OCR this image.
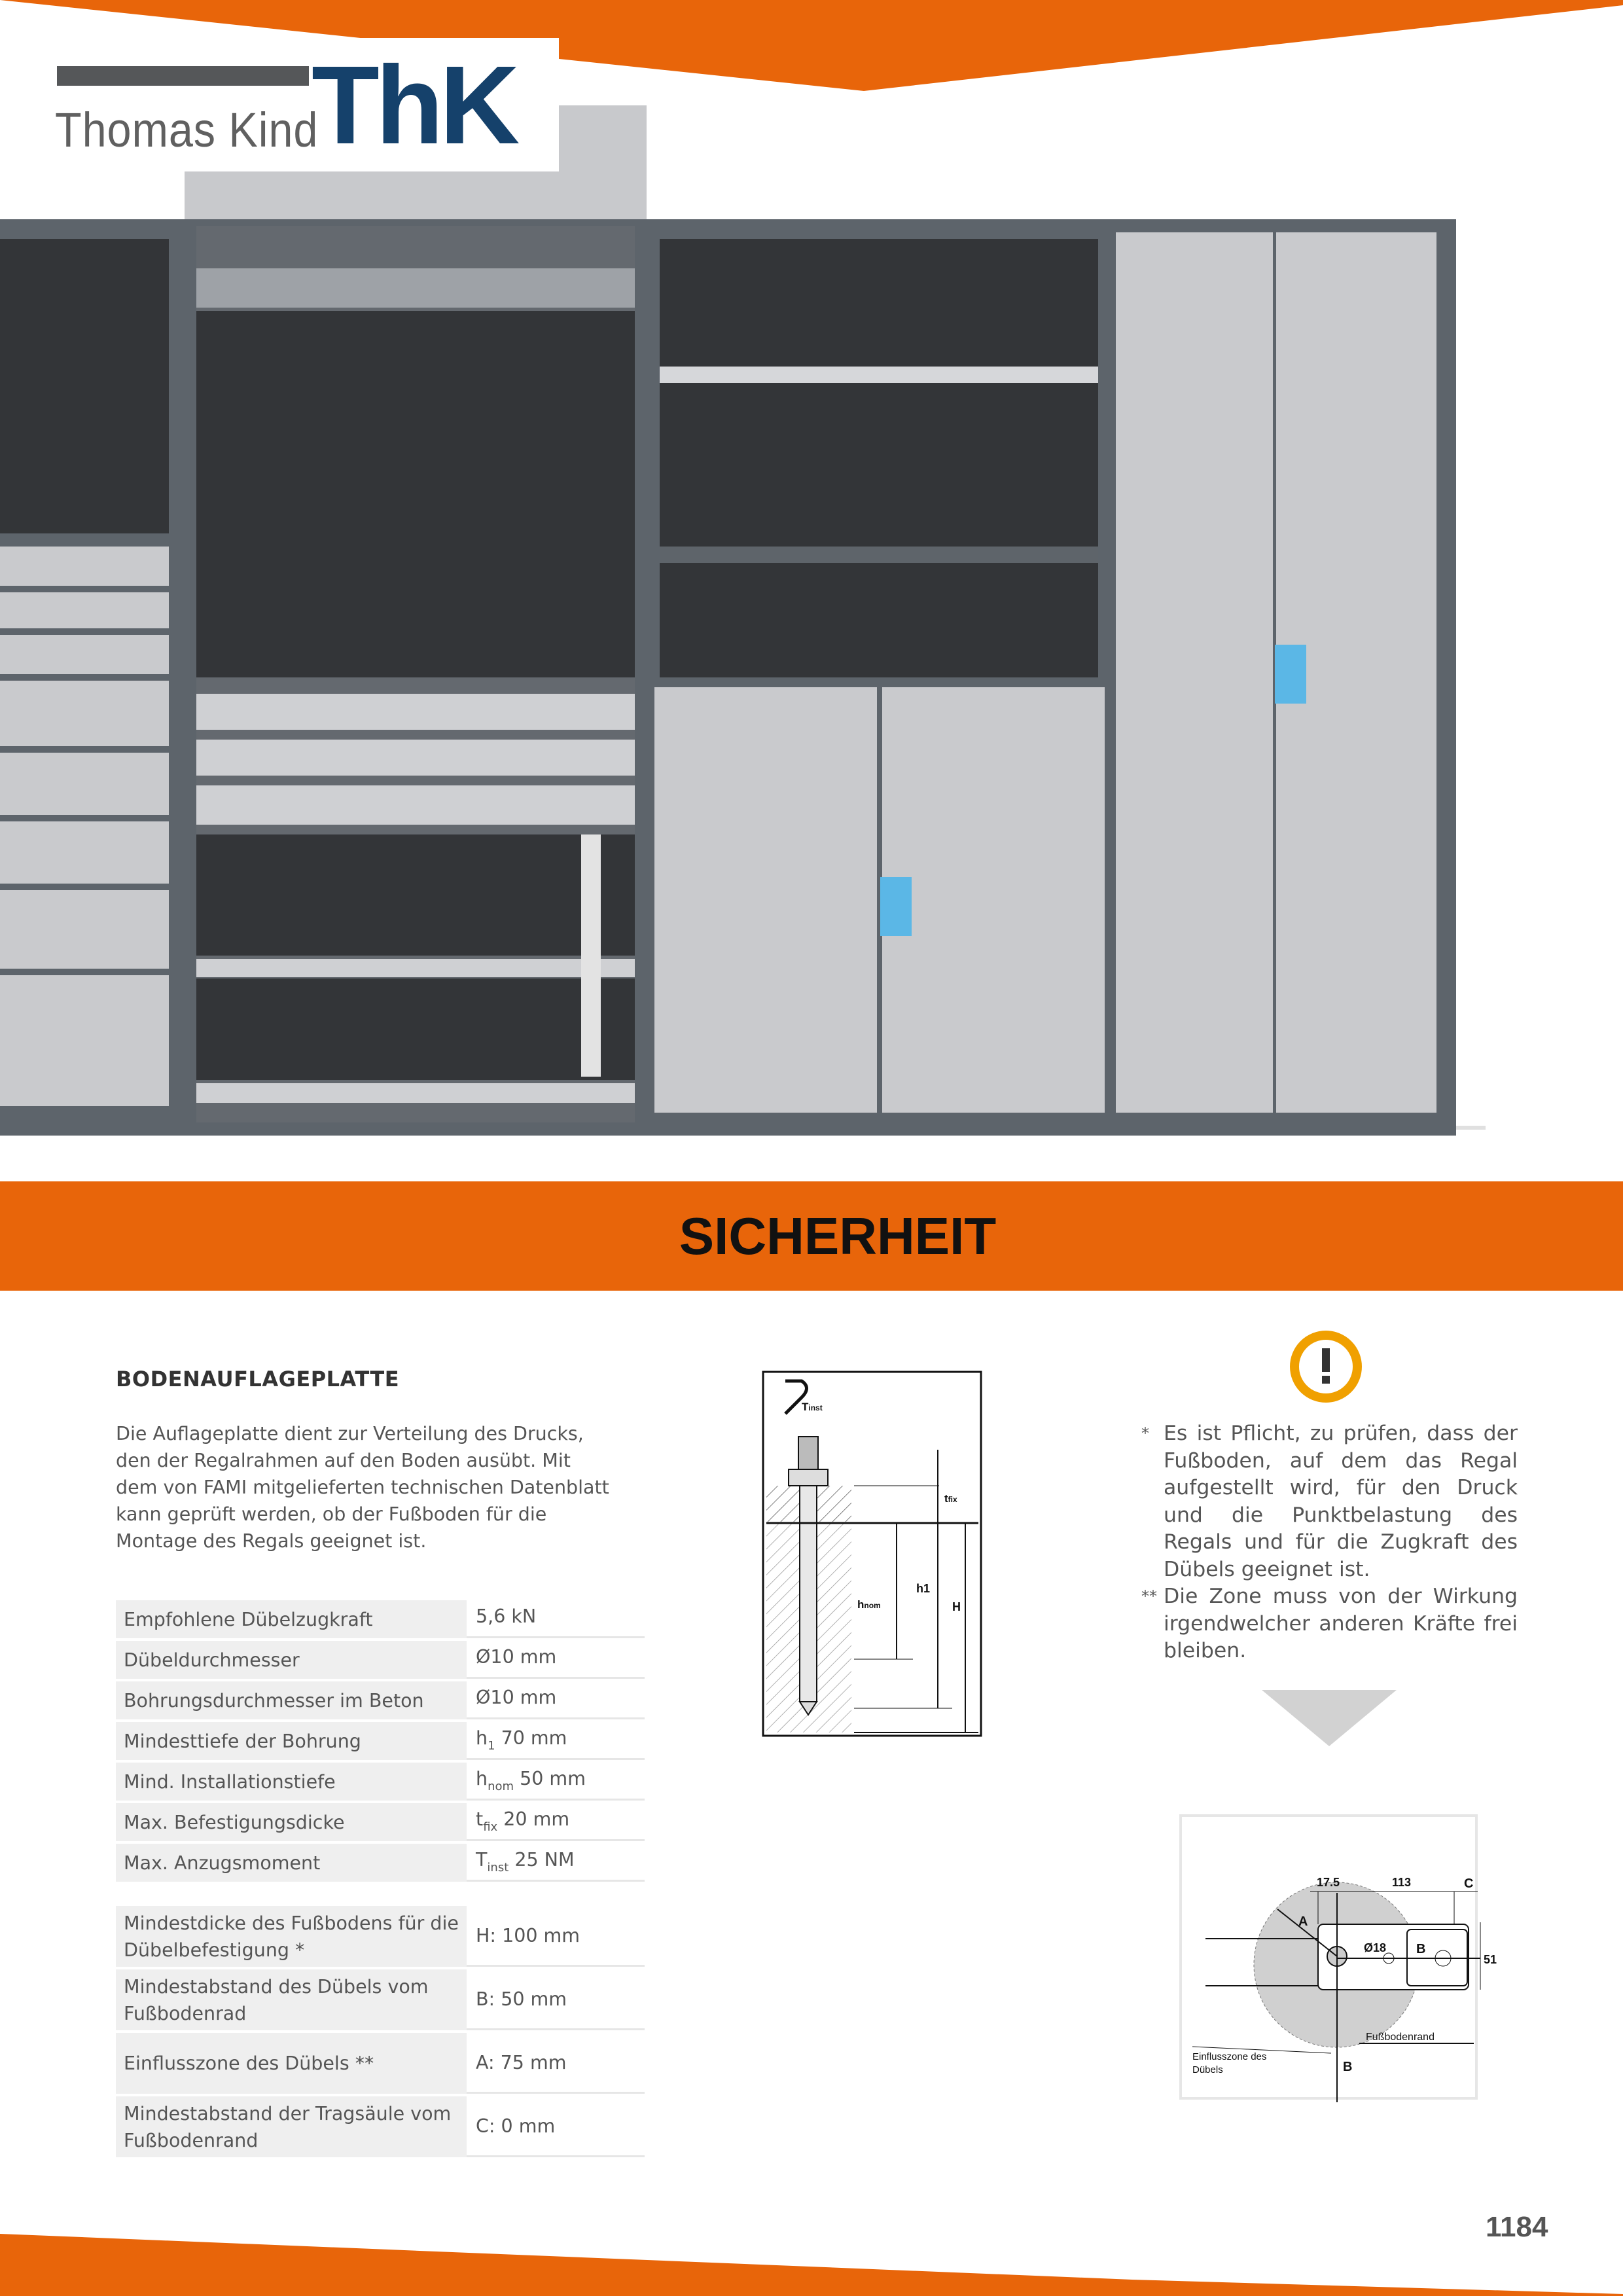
Thomas Kind
ThK
SICHERHEIT
BODENAUFLAGEPLATTE
Die Auflageplatte dient zur Verteilung des Drucks, den der Regalrahmen auf den Boden ausübt. Mit dem von FAMI mitgelieferten technischen Datenblatt kann geprüft werden, ob der Fußboden für die Montage des Regals geeignet ist.
Empfohlene Dübelzugkraft	5,6 kN
Dübeldurchmesser	Ø10 mm
Bohrungsdurchmesser im Beton	Ø10 mm
Mindesttiefe der Bohrung	$h_1$ 70 mm
Mind. Installationstiefe	$h_{nom}$ 50 mm
Max. Befestigungsdicke	$t_{fix}$ 20 mm
Max. Anzugsmoment	$T_{inst}$ 25 NM
Mindestdicke des Fußbodens für die Dübelbefestigung *	H: 100 mm
Mindestabstand des Dübels vom Fußbodenrad	B: 50 mm
Einflusszone des Dübels **	A: 75 mm
Mindestabstand der Tragsäule vom Fußbodenrand	C: 0 mm
Tinst
tfix
hnom
h1
H
* Es ist Pflicht, zu prüfen, dass der Fußboden, auf dem das Regal aufgestellt wird, für den Druck und die Punktbelastung des Regals und für die Zugkraft des Dübels geeignet ist.
** Die Zone muss von der Wirkung irgendwelcher anderen Kräfte frei bleiben.
17.5	113	C
A
Ø18 B
51
Einflusszone des
Dübels
Fußbodenrand
B
1184
